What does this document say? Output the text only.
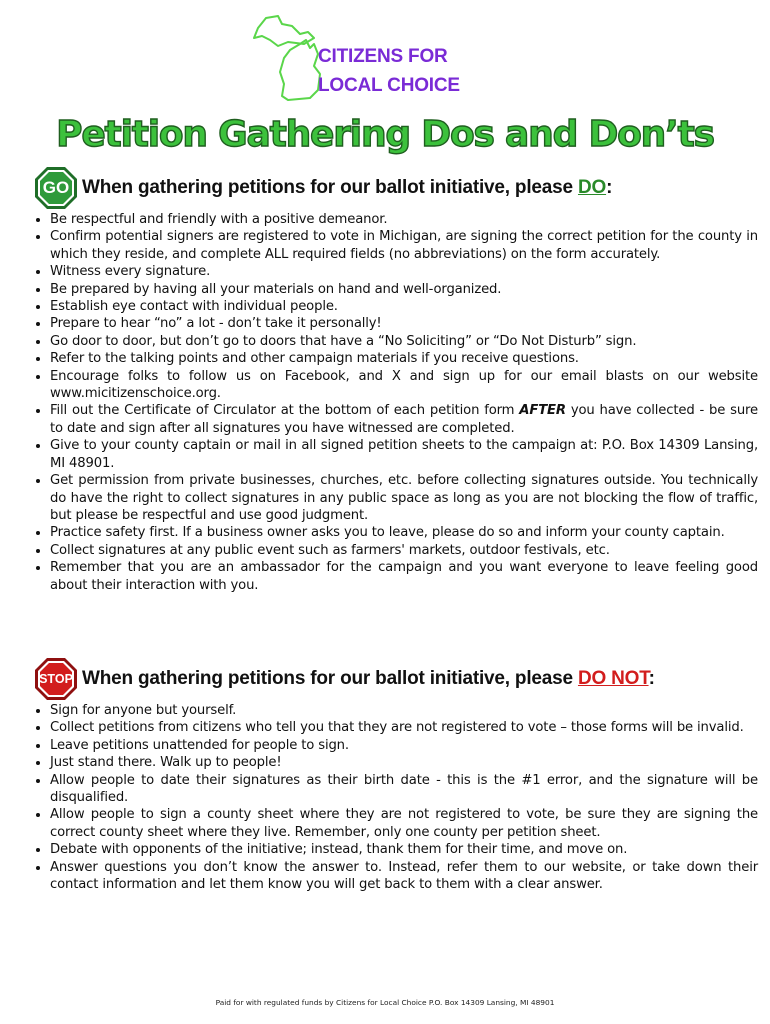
CITIZENS FOR
LOCAL CHOICE
Petition Gathering Dos and Don’ts
GO When gathering petitions for our ballot initiative, please DO:
• Be respectful and friendly with a positive demeanor.
• Confirm potential signers are registered to vote in Michigan, are signing the correct petition for the county in which they reside, and complete ALL required fields (no abbreviations) on the form accurately.
• Witness every signature.
• Be prepared by having all your materials on hand and well-organized.
• Establish eye contact with individual people.
• Prepare to hear “no” a lot - don’t take it personally!
• Go door to door, but don’t go to doors that have a “No Soliciting” or “Do Not Disturb” sign.
• Refer to the talking points and other campaign materials if you receive questions.
• Encourage folks to follow us on Facebook, and X and sign up for our email blasts on our website www.micitizenschoice.org.
• Fill out the Certificate of Circulator at the bottom of each petition form AFTER you have collected - be sure to date and sign after all signatures you have witnessed are completed.
• Give to your county captain or mail in all signed petition sheets to the campaign at: P.O. Box 14309 Lansing, MI 48901.
• Get permission from private businesses, churches, etc. before collecting signatures outside. You technically do have the right to collect signatures in any public space as long as you are not blocking the flow of traffic, but please be respectful and use good judgment.
• Practice safety first. If a business owner asks you to leave, please do so and inform your county captain.
• Collect signatures at any public event such as farmers' markets, outdoor festivals, etc.
• Remember that you are an ambassador for the campaign and you want everyone to leave feeling good about their interaction with you.
STOP When gathering petitions for our ballot initiative, please DO NOT:
• Sign for anyone but yourself.
• Collect petitions from citizens who tell you that they are not registered to vote – those forms will be invalid.
• Leave petitions unattended for people to sign.
• Just stand there. Walk up to people!
• Allow people to date their signatures as their birth date - this is the #1 error, and the signature will be disqualified.
• Allow people to sign a county sheet where they are not registered to vote, be sure they are signing the correct county sheet where they live. Remember, only one county per petition sheet.
• Debate with opponents of the initiative; instead, thank them for their time, and move on.
• Answer questions you don’t know the answer to. Instead, refer them to our website, or take down their contact information and let them know you will get back to them with a clear answer.
Paid for with regulated funds by Citizens for Local Choice P.O. Box 14309 Lansing, MI 48901
